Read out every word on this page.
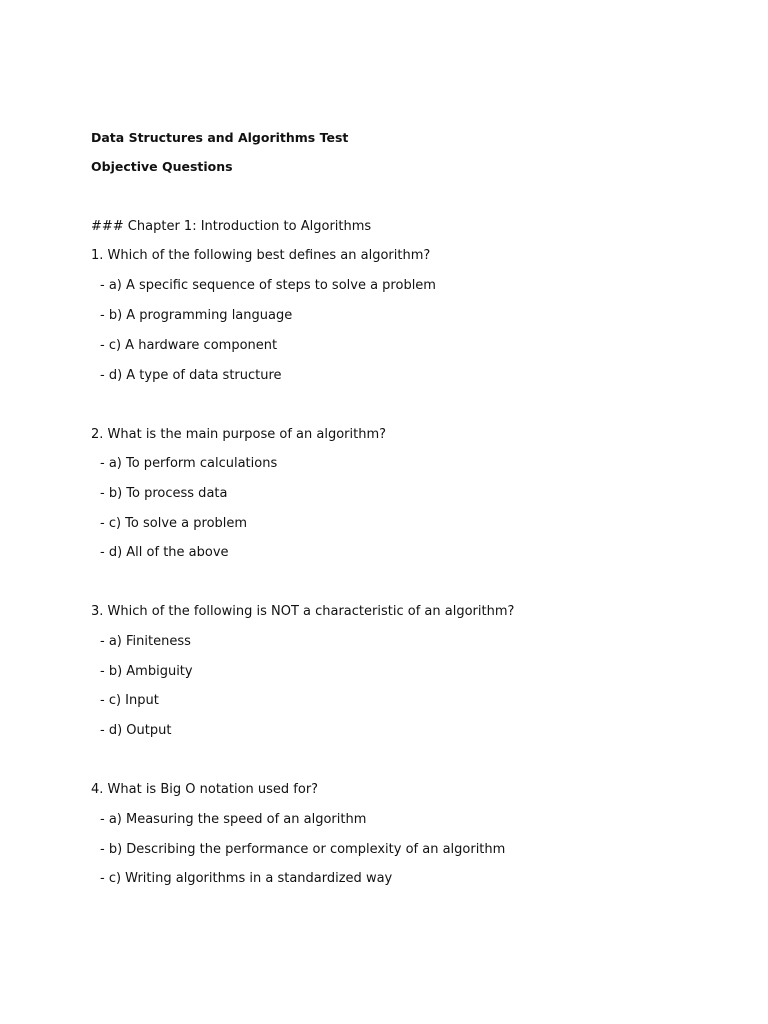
Data Structures and Algorithms Test
Objective Questions
### Chapter 1: Introduction to Algorithms
1. Which of the following best defines an algorithm?
- a) A specific sequence of steps to solve a problem
- b) A programming language
- c) A hardware component
- d) A type of data structure
2. What is the main purpose of an algorithm?
- a) To perform calculations
- b) To process data
- c) To solve a problem
- d) All of the above
3. Which of the following is NOT a characteristic of an algorithm?
- a) Finiteness
- b) Ambiguity
- c) Input
- d) Output
4. What is Big O notation used for?
- a) Measuring the speed of an algorithm
- b) Describing the performance or complexity of an algorithm
- c) Writing algorithms in a standardized way
